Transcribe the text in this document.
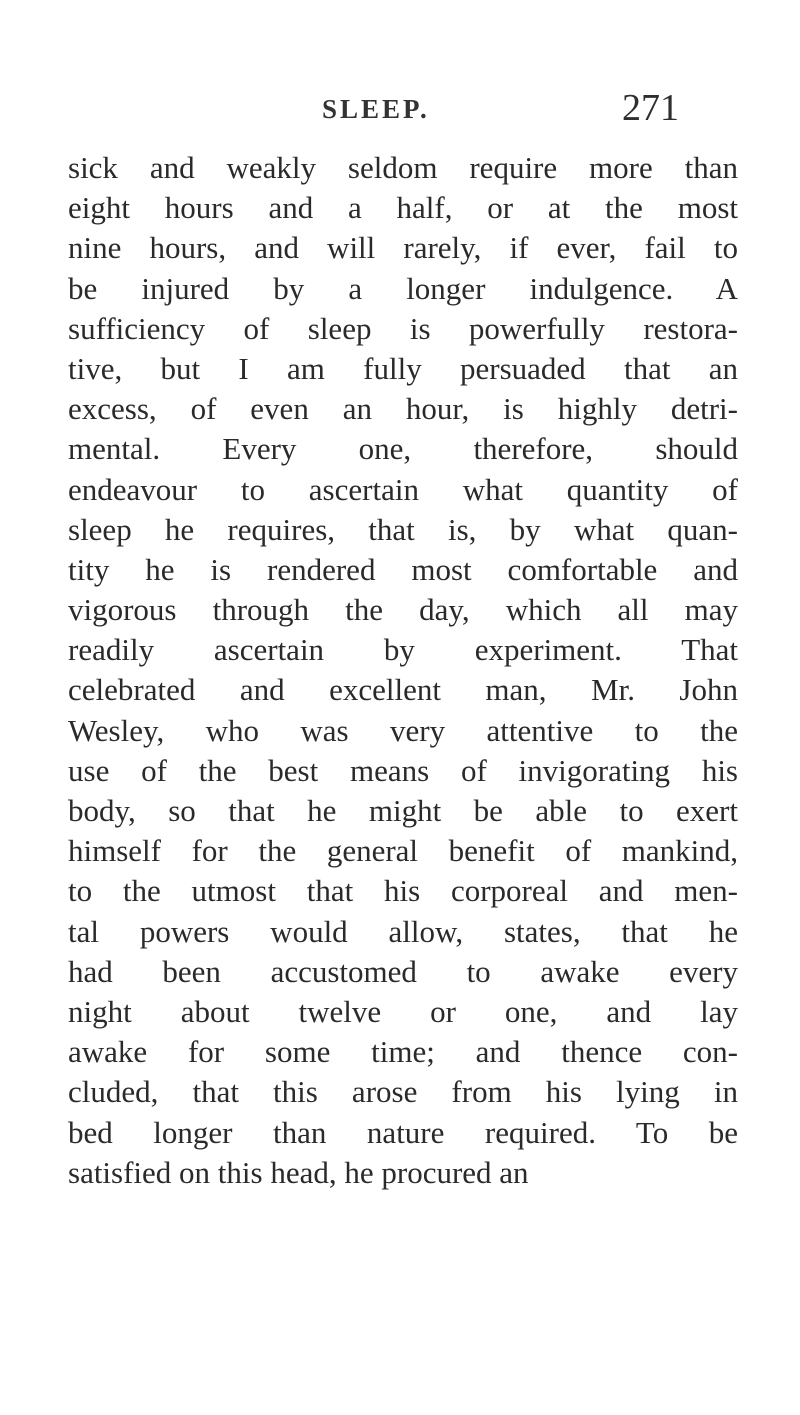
SLEEP.	271
sick and weakly seldom require more than
eight hours and a half, or at the most
nine hours, and will rarely, if ever, fail to
be injured by a longer indulgence. A
sufficiency of sleep is powerfully restora-
tive, but I am fully persuaded that an
excess, of even an hour, is highly detri-
mental. Every one, therefore, should
endeavour to ascertain what quantity of
sleep he requires, that is, by what quan-
tity he is rendered most comfortable and
vigorous through the day, which all may
readily ascertain by experiment. That
celebrated and excellent man, Mr. John
Wesley, who was very attentive to the
use of the best means of invigorating his
body, so that he might be able to exert
himself for the general benefit of mankind,
to the utmost that his corporeal and men-
tal powers would allow, states, that he
had been accustomed to awake every
night about twelve or one, and lay
awake for some time; and thence con-
cluded, that this arose from his lying in
bed longer than nature required. To be
satisfied on this head, he procured an
